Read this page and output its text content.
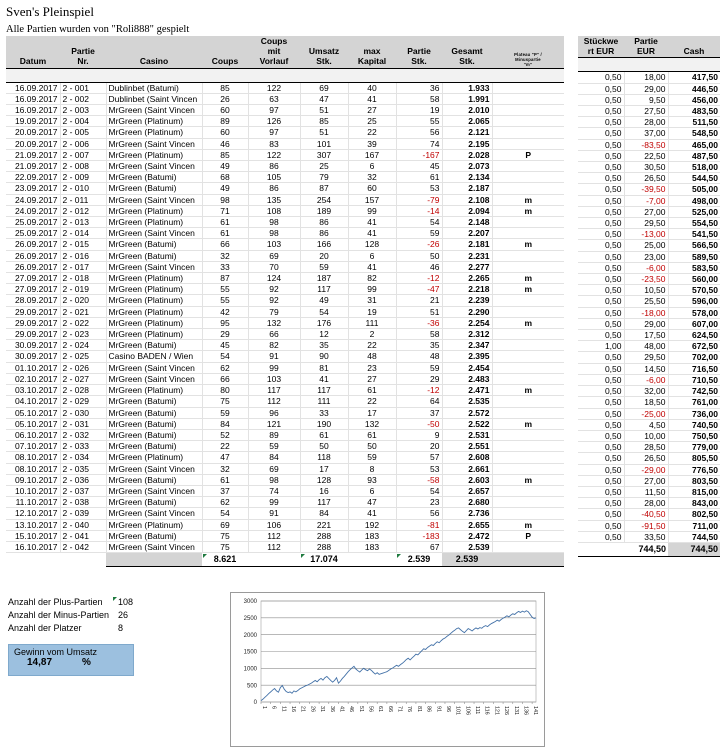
Sven's Pleinspiel
Alle Partien wurden von "Roli888" gespielt
Datum	
Partie
Nr.	Casino	Coups	
Coups
mit
Vorlauf

Umsatz
Stk.

max
Kapital

Partie
Stk.

Gesamt
Stk.

Plateau "P" /
Minuspartie
"m"

16.09.2017	2 - 001	Dublinbet (Batumi)	85	122	69	40	36	1.933	
16.09.2017	2 - 002	Dublinbet (Saint Vincen	26	63	47	41	58	1.991	
16.09.2017	2 - 003	MrGreen (Saint Vincen	60	97	51	27	19	2.010	
19.09.2017	2 - 004	MrGreen (Platinum)	89	126	85	25	55	2.065	
20.09.2017	2 - 005	MrGreen (Platinum)	60	97	51	22	56	2.121	
20.09.2017	2 - 006	MrGreen (Saint Vincen	46	83	101	39	74	2.195	
21.09.2017	2 - 007	MrGreen (Platinum)	85	122	307	167	-167	2.028	P
21.09.2017	2 - 008	MrGreen (Saint Vincen	49	86	25	6	45	2.073	
22.09.2017	2 - 009	MrGreen (Batumi)	68	105	79	32	61	2.134	
23.09.2017	2 - 010	MrGreen (Batumi)	49	86	87	60	53	2.187	
24.09.2017	2 - 011	MrGreen (Saint Vincen	98	135	254	157	-79	2.108	m
24.09.2017	2 - 012	MrGreen (Platinum)	71	108	189	99	-14	2.094	m
25.09.2017	2 - 013	MrGreen (Platinum)	61	98	86	41	54	2.148	
25.09.2017	2 - 014	MrGreen (Saint Vincen	61	98	86	41	59	2.207	
26.09.2017	2 - 015	MrGreen (Batumi)	66	103	166	128	-26	2.181	m
26.09.2017	2 - 016	MrGreen (Batumi)	32	69	20	6	50	2.231	
26.09.2017	2 - 017	MrGreen (Saint Vincen	33	70	59	41	46	2.277	
27.09.2017	2 - 018	MrGreen (Platinum)	87	124	187	82	-12	2.265	m
27.09.2017	2 - 019	MrGreen (Platinum)	55	92	117	99	-47	2.218	m
28.09.2017	2 - 020	MrGreen (Platinum)	55	92	49	31	21	2.239	
29.09.2017	2 - 021	MrGreen (Platinum)	42	79	54	19	51	2.290	
29.09.2017	2 - 022	MrGreen (Platinum)	95	132	176	111	-36	2.254	m
29.09.2017	2 - 023	MrGreen (Platinum)	29	66	12	2	58	2.312	
30.09.2017	2 - 024	MrGreen (Batumi)	45	82	35	22	35	2.347	
30.09.2017	2 - 025	Casino BADEN / Wien	54	91	90	48	48	2.395	
01.10.2017	2 - 026	MrGreen (Saint Vincen	62	99	81	23	59	2.454	
02.10.2017	2 - 027	MrGreen (Saint Vincen	66	103	41	27	29	2.483	
03.10.2017	2 - 028	MrGreen (Platinum)	80	117	117	61	-12	2.471	m
04.10.2017	2 - 029	MrGreen (Batumi)	75	112	111	22	64	2.535	
05.10.2017	2 - 030	MrGreen (Batumi)	59	96	33	17	37	2.572	
05.10.2017	2 - 031	MrGreen (Batumi)	84	121	190	132	-50	2.522	m
06.10.2017	2 - 032	MrGreen (Batumi)	52	89	61	61	9	2.531	
07.10.2017	2 - 033	MrGreen (Batumi)	22	59	50	50	20	2.551	
08.10.2017	2 - 034	MrGreen (Platinum)	47	84	118	59	57	2.608	
08.10.2017	2 - 035	MrGreen (Saint Vincen	32	69	17	8	53	2.661	
09.10.2017	2 - 036	MrGreen (Batumi)	61	98	128	93	-58	2.603	m
10.10.2017	2 - 037	MrGreen (Saint Vincen	37	74	16	6	54	2.657	
11.10.2017	2 - 038	MrGreen (Batumi)	62	99	117	47	23	2.680	
12.10.2017	2 - 039	MrGreen (Saint Vincen	54	91	84	41	56	2.736	
13.10.2017	2 - 040	MrGreen (Platinum)	69	106	221	192	-81	2.655	m
15.10.2017	2 - 041	MrGreen (Batumi)	75	112	288	183	-183	2.472	P
16.10.2017	2 - 042	MrGreen (Saint Vincen	75	112	288	183	67	2.539	
			8.621		17.074		2.539	2.539	
Stückwe
rt EUR

Partie
EUR	Cash

0,50	18,00	417,50
0,50	29,00	446,50
0,50	9,50	456,00
0,50	27,50	483,50
0,50	28,00	511,50
0,50	37,00	548,50
0,50	-83,50	465,00
0,50	22,50	487,50
0,50	30,50	518,00
0,50	26,50	544,50
0,50	-39,50	505,00
0,50	-7,00	498,00
0,50	27,00	525,00
0,50	29,50	554,50
0,50	-13,00	541,50
0,50	25,00	566,50
0,50	23,00	589,50
0,50	-6,00	583,50
0,50	-23,50	560,00
0,50	10,50	570,50
0,50	25,50	596,00
0,50	-18,00	578,00
0,50	29,00	607,00
0,50	17,50	624,50
1,00	48,00	672,50
0,50	29,50	702,00
0,50	14,50	716,50
0,50	-6,00	710,50
0,50	32,00	742,50
0,50	18,50	761,00
0,50	-25,00	736,00
0,50	4,50	740,50
0,50	10,00	750,50
0,50	28,50	779,00
0,50	26,50	805,50
0,50	-29,00	776,50
0,50	27,00	803,50
0,50	11,50	815,00
0,50	28,00	843,00
0,50	-40,50	802,50
0,50	-91,50	711,00
0,50	33,50	744,50
	744,50	744,50
Anzahl der Plus-Partien 108
Anzahl der Minus-Partien 26
Anzahl der Platzer	8
Gewinn vom Umsatz
14,87	%
0
500
1000
1500
2000
2500
3000
1 6 11 16 21 26 31 36 41 46 51 56 61 66 71 76 81 86 91 96 101 106 111 116 121 126 131 136 141
